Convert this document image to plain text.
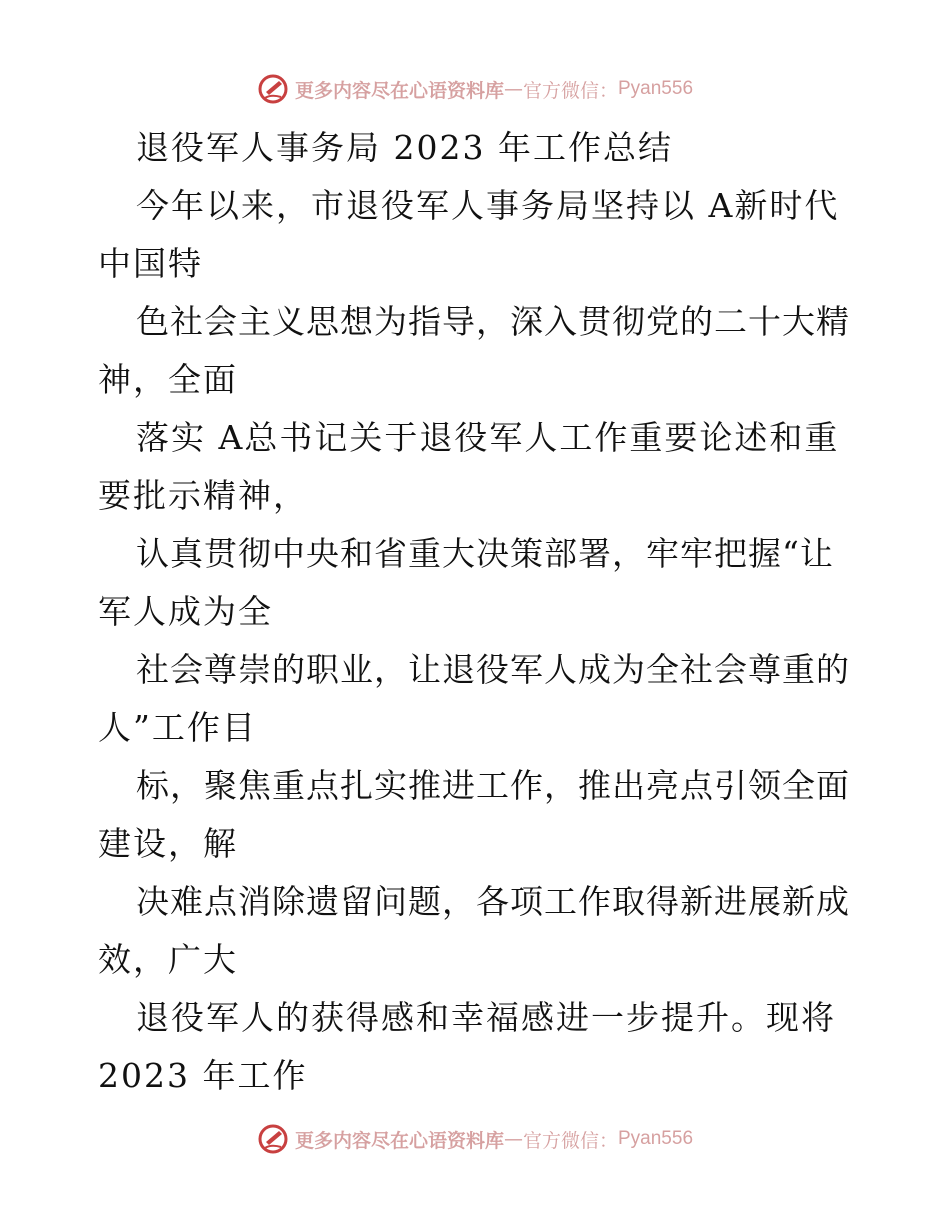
更多内容尽在心语资料库 — 官方微信： Pyan556
退役军人事务局 2023 年工作总结
今年以来，市退役军人事务局坚持以 A新时代
中国特
色社会主义思想为指导，深入贯彻党的二十大精
神，全面
落实 A总书记关于退役军人工作重要论述和重
要批示精神，
认真贯彻中央和省重大决策部署，牢牢把握“让
军人成为全
社会尊崇的职业，让退役军人成为全社会尊重的
人”工作目
标，聚焦重点扎实推进工作，推出亮点引领全面
建设，解
决难点消除遗留问题，各项工作取得新进展新成
效，广大
退役军人的获得感和幸福感进一步提升。现将
2023 年工作
更多内容尽在心语资料库 — 官方微信： Pyan556
